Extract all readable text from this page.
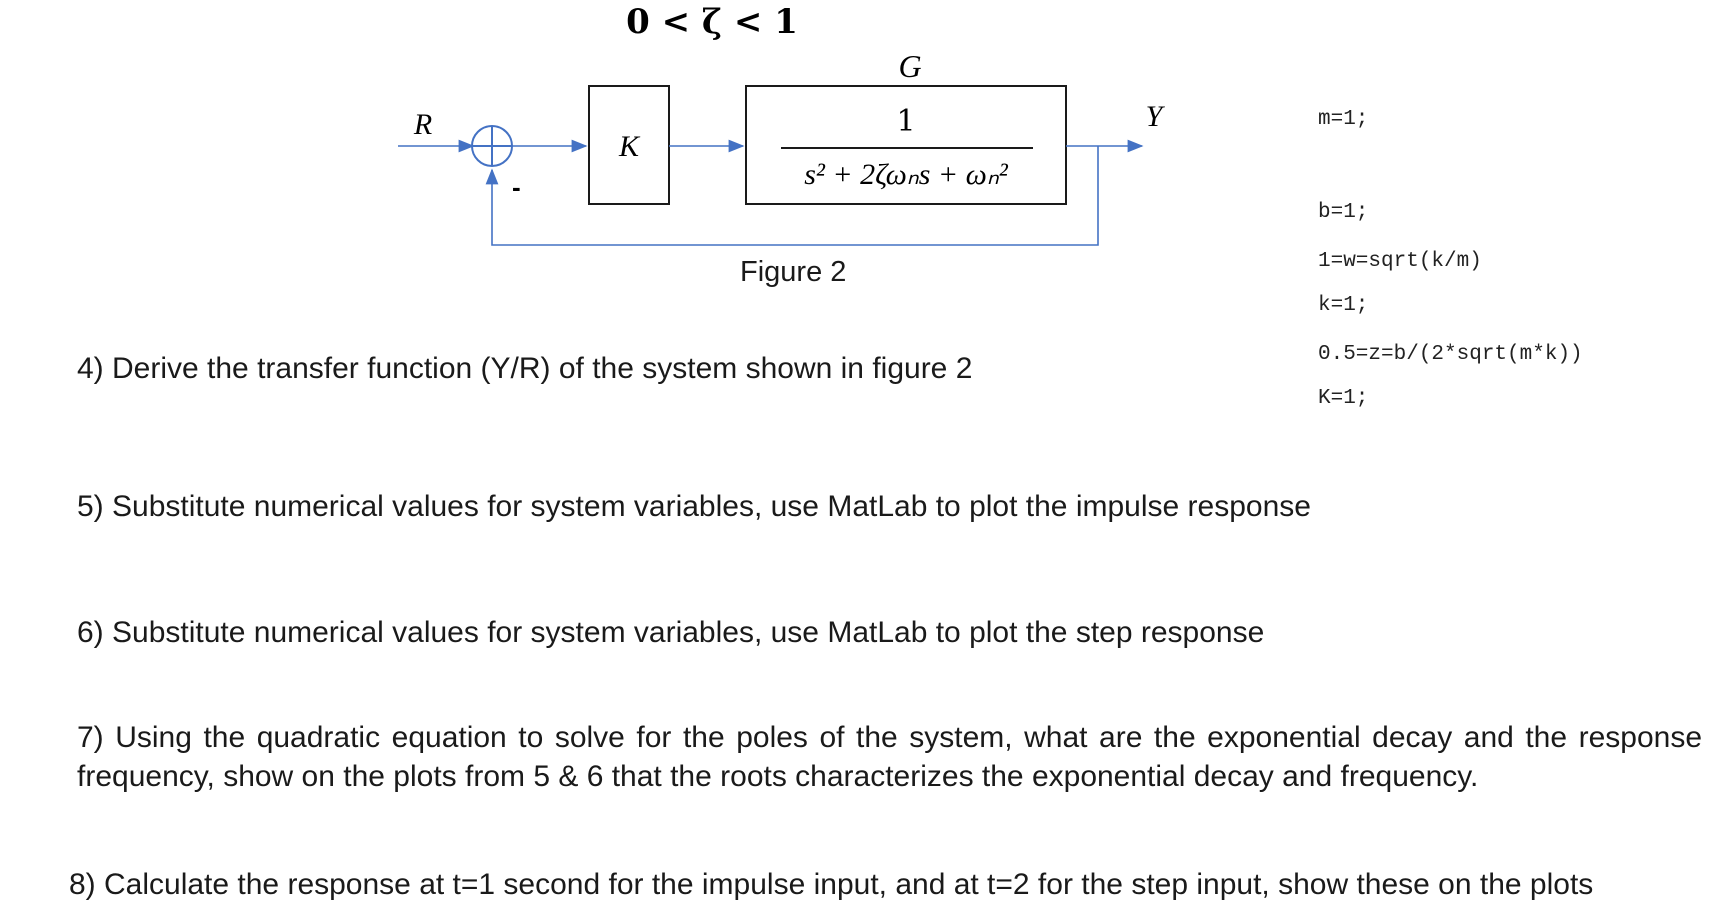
0 < ζ < 1
R
-
K
G
1
s² + 2ζωₙs + ωₙ²
Y
Figure 2

m=1;

b=1;

k=1;

K=1;

1=w=sqrt(k/m)

0.5=z=b/(2*sqrt(m*k))

4) Derive the transfer function (Y/R) of the system shown in figure 2
5) Substitute numerical values for system variables, use MatLab to plot the impulse response
6) Substitute numerical values for system variables, use MatLab to plot the step response
7) Using the quadratic equation to solve for the poles of the system, what are the exponential decay and the response frequency, show on the plots from 5 & 6 that the roots characterizes the exponential decay and frequency.
8) Calculate the response at t=1 second for the impulse input, and at t=2 for the step input, show these on the plots
